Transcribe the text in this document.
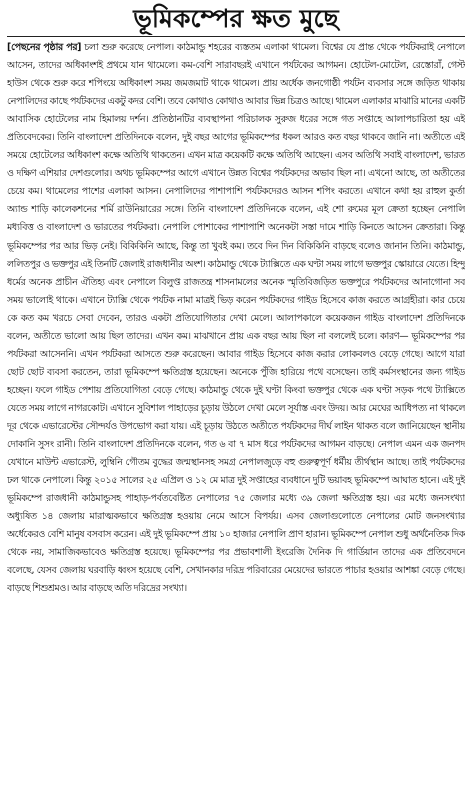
ভূমিকম্পের ক্ষত মুছে
[পেছনের পৃষ্ঠার পর] চলা শুরু করেছে নেপাল। কাঠমান্ডু শহরের ব্যস্ততম এলাকা থামেল। বিশ্বের যে প্রান্ত থেকে পর্যটকরাই নেপালে আসেন, তাদের অধিকাংশই প্রথমে যান থামেলে। কম-বেশি সারাবছরই এখানে পর্যটকের আগমন। হোটেল-মোটেল, রেস্তোরাঁ, গেস্ট হাউস থেকে শুরু করে শপিংয়ে অধিকাংশ সময় জমজমাট থাকে থামেল। প্রায় অর্ধেক জনগোষ্ঠী পর্যটন ব্যবসার সঙ্গে জড়িত থাকায় নেপালিদের কাছে পর্যটকদের একটু কদর বেশি। তবে কোথাও কোথাও আবার ভিন্ন চিত্রও আছে। থামেল এলাকার মাঝারি মানের একটি আবাসিক হোটেলের নাম হিমালয় দর্শন। প্রতিষ্ঠানটির ব্যবস্থাপনা পরিচালক সুরুজ ধরের সঙ্গে গত সপ্তাহে আলাপচারিতা হয় এই প্রতিবেদকের। তিনি বাংলাদেশ প্রতিদিনকে বলেন, দুই বছর আগের ভূমিকম্পের ধকল আরও কত বছর থাকবে জানি না। অতীতে এই সময়ে হোটেলের অধিকাংশ কক্ষে অতিথি থাকতেন। এখন মাত্র কয়েকটি কক্ষে অতিথি আছেন। এসব অতিথি সবাই বাংলাদেশ, ভারত ও দক্ষিণ এশিয়ার দেশগুলোর। অথচ ভূমিকম্পের আগে এখানে উন্নত বিশ্বের পর্যটকদের অভাব ছিল না। এখনো আছে, তা অতীতের চেয়ে কম। থামেলের পাশের এলাকা আসন। নেপালিদের পাশাপাশি পর্যটকদেরও আসন শপিং করতে। এখানে কথা হয় রাহুল কুর্তা অ্যান্ড শাড়ি কালেকশনের শর্মি রাউনিয়ারের সঙ্গে। তিনি বাংলাদেশ প্রতিদিনকে বলেন, এই শো রুমের মূল ক্রেতা হচ্ছেন নেপালি মধ্যবিত্ত ও বাংলাদেশ ও ভারতের পর্যটকরা। নেপালি পোশাকের পাশাপাশি অনেকটা সস্তা দামে শাড়ি কিনতে আসেন ক্রেতারা। কিন্তু ভূমিকম্পের পর আর ভিড় নেই। বিকিকিনি আছে, কিন্তু তা খুবই কম। তবে দিন দিন বিকিকিনি বাড়ছে বলেও জানান তিনি। কাঠমান্ডু, ললিতপুর ও ভক্তপুর এই তিনটি জেলাই রাজধানীর অংশ। কাঠমান্ডু থেকে ট্যাক্সিতে এক ঘণ্টা সময় লাগে ভক্তপুর স্কোয়ারে যেতে। হিন্দু ধর্মের অনেক প্রাচীন ঐতিহ্য এবং নেপালে বিলুপ্ত রাজতন্ত্র শাসনামলের অনেক স্মৃতিবিজড়িত ভক্তপুরে পর্যটকদের আনাগোনা সব সময় ভালোই থাকে। এখানে ট্যাক্সি থেকে পর্যটক নামা মাত্রই ভিড় করেন পর্যটকদের গাইড হিসেবে কাজ করতে আগ্রহীরা। কার চেয়ে কে কত কম খরচে সেবা দেবেন, তারও একটা প্রতিযোগিতার দেখা মেলে। আলাপকালে কয়েকজন গাইড বাংলাদেশ প্রতিদিনকে বলেন, অতীতে ভালো আয় ছিল তাদের। এখন কম। মাঝখানে প্রায় এক বছর আয় ছিল না বললেই চলে। কারণ— ভূমিকম্পের পর পর্যটকরা আসেননি। এখন পর্যটকরা আসতে শুরু করেছেন। আবার গাইড হিসেবে কাজ করার লোকবলও বেড়ে গেছে। আগে যারা ছোট ছোট ব্যবসা করতেন, তারা ভূমিকম্পে ক্ষতিগ্রস্ত হয়েছেন। অনেকে পুঁজি হারিয়ে পথে বসেছেন। তাই কর্মসংস্থানের জন্য গাইড হচ্ছেন। ফলে গাইড পেশায় প্রতিযোগিতা বেড়ে গেছে। কাঠমান্ডু থেকে দুই ঘণ্টা কিংবা ভক্তপুর থেকে এক ঘণ্টা সড়ক পথে ট্যাক্সিতে যেতে সময় লাগে নাগরকোট। এখানে সুবিশাল পাহাড়ের চূড়ায় উঠলে দেখা মেলে সূর্যাস্ত এবং উদয়। আর মেঘের আধিপত্য না থাকলে দূর থেকে এভারেস্টের সৌন্দর্যও উপভোগ করা যায়। এই চূড়ায় উঠতে অতীতে পর্যটকদের দীর্ঘ লাইন থাকত বলে জানিয়েছেন স্থানীয় দোকানি সুসং রানী। তিনি বাংলাদেশ প্রতিদিনকে বলেন, গত ৬ বা ৭ মাস ধরে পর্যটকদের আগমন বাড়ছে। নেপাল এমন এক জনপদ যেখানে মাউন্ট এভারেস্ট, লুম্বিনি গৌতম বুদ্ধের জন্মস্থানসহ সমগ্র নেপালজুড়ে বহু গুরুত্বপূর্ণ ধর্মীয় তীর্থস্থান আছে। তাই পর্যটকদের ঢল থাকে নেপালে। কিন্তু ২০১৫ সালের ২৫ এপ্রিল ও ১২ মে মাত্র দুই সপ্তাহের ব্যবধানে দুটি ভয়াবহ ভূমিকম্পে আঘাত হানে। এই দুই ভূমিকম্পে রাজধানী কাঠমান্ডুসহ পাহাড়-পর্বতবেষ্টিত নেপালের ৭৫ জেলার মধ্যে ৩৯ জেলা ক্ষতিগ্রস্ত হয়। এর মধ্যে জনসংখ্যা অধ্যুষিত ১৪ জেলায় মারাত্মকভাবে ক্ষতিগ্রস্ত হওয়ায় নেমে আসে বিপর্যয়। এসব জেলাগুলোতে নেপালের মোট জনসংখ্যার অর্ধেকেরও বেশি মানুষ বসবাস করেন। এই দুই ভূমিকম্পে প্রায় ১০ হাজার নেপালি প্রাণ হারান। ভূমিকম্পে নেপাল শুধু অর্থনৈতিক দিক থেকে নয়, সামাজিকভাবেও ক্ষতিগ্রস্ত হয়েছে। ভূমিকম্পের পর প্রভাবশালী ইংরেজি দৈনিক দি গার্ডিয়ান তাদের এক প্রতিবেদনে বলেছে, যেসব জেলায় ঘরবাড়ি ধ্বংস হয়েছে বেশি, সেখানকার দরিদ্র পরিবারের মেয়েদের ভারতে পাচার হওয়ার আশঙ্কা বেড়ে গেছে। বাড়ছে শিশুশ্রমও। আর বাড়ছে অতি দরিদ্রের সংখ্যা।
